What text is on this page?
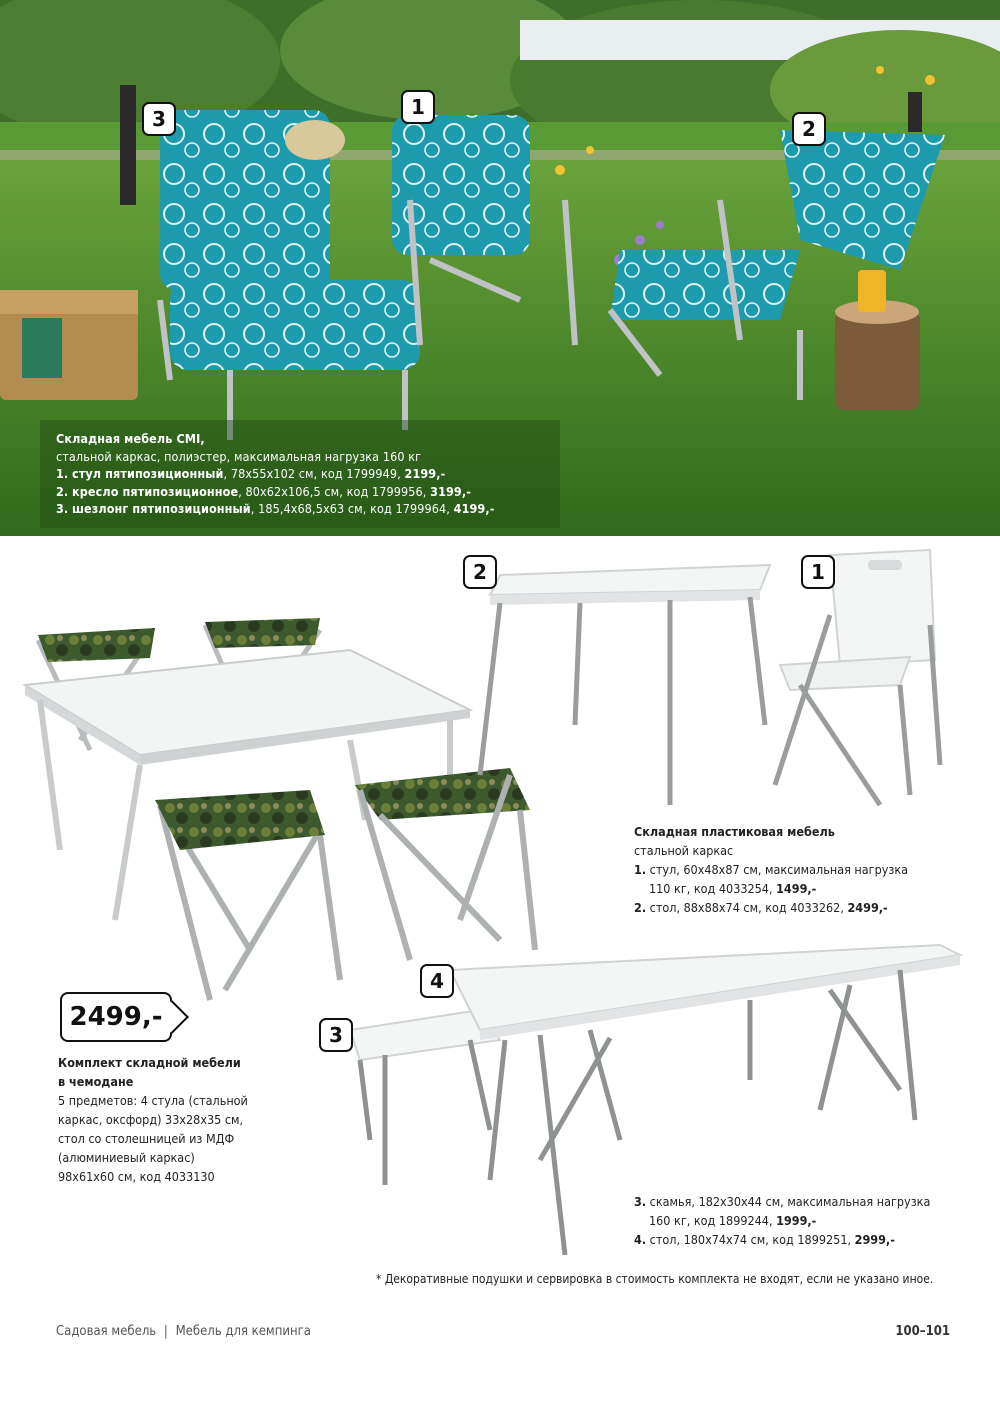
3	1
2
Складная мебель CMI,
стальной каркас, полиэстер, максимальная нагрузка 160 кг
1. стул пятипозиционный, 78x55x102 см, код 1799949, 2199,-
2. кресло пятипозиционное, 80x62x106,5 см, код 1799956, 3199,-
3. шезлонг пятипозиционный, 185,4x68,5x63 см, код 1799964, 4199,-
2	1
Складная пластиковая мебель
стальной каркас
1. стул, 60x48x87 см, максимальная нагрузка
110 кг, код 4033254, 1499,-
2. стол, 88x88x74 см, код 4033262, 2499,-
2499,-
Комплект складной мебели
в чемодане
5 предметов: 4 стула (стальной
каркас, оксфорд) 33x28x35 см,
стол со столешницей из МДФ
(алюминиевый каркас)
98x61x60 см, код 4033130
4
3
3. скамья, 182x30x44 см, максимальная нагрузка
160 кг, код 1899244, 1999,-
4. стол, 180x74x74 см, код 1899251, 2999,-
* Декоративные подушки и сервировка в стоимость комплекта не входят, если не указано иное.
Садовая мебель | Мебель для кемпинга	100–101
